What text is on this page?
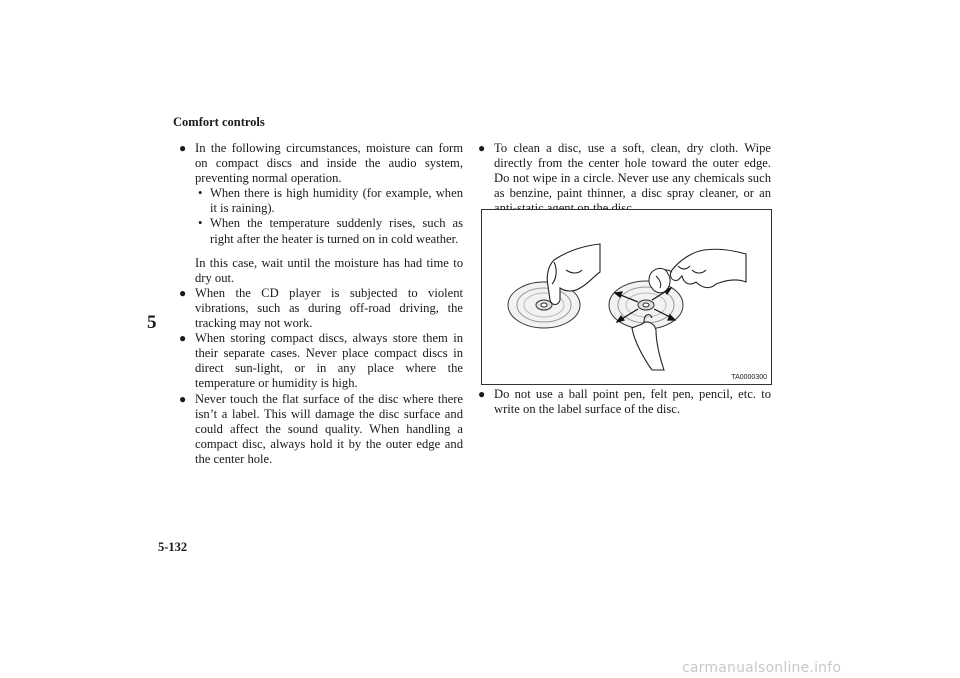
Comfort controls
5
5-132
● In the following circumstances, moisture can form on compact discs and inside the audio system, preventing normal operation.
• When there is high humidity (for example, when it is raining).
• When the temperature suddenly rises, such as right after the heater is turned on in cold weather.
In this case, wait until the moisture has had time to dry out.
● When the CD player is subjected to violent vibrations, such as during off-road driving, the tracking may not work.
● When storing compact discs, always store them in their separate cases. Never place compact discs in direct sun-light, or in any place where the temperature or humidity is high.
● Never touch the flat surface of the disc where there isn’t a label. This will damage the disc surface and could affect the sound quality. When handling a compact disc, always hold it by the outer edge and the center hole.
● To clean a disc, use a soft, clean, dry cloth. Wipe directly from the center hole toward the outer edge. Do not wipe in a circle. Never use any chemicals such as benzine, paint thinner, a disc spray cleaner, or an
TA0000300
● Do not use a ball point pen, felt pen, pencil, etc. to write on the label surface of the disc.
carmanualsonline.info
